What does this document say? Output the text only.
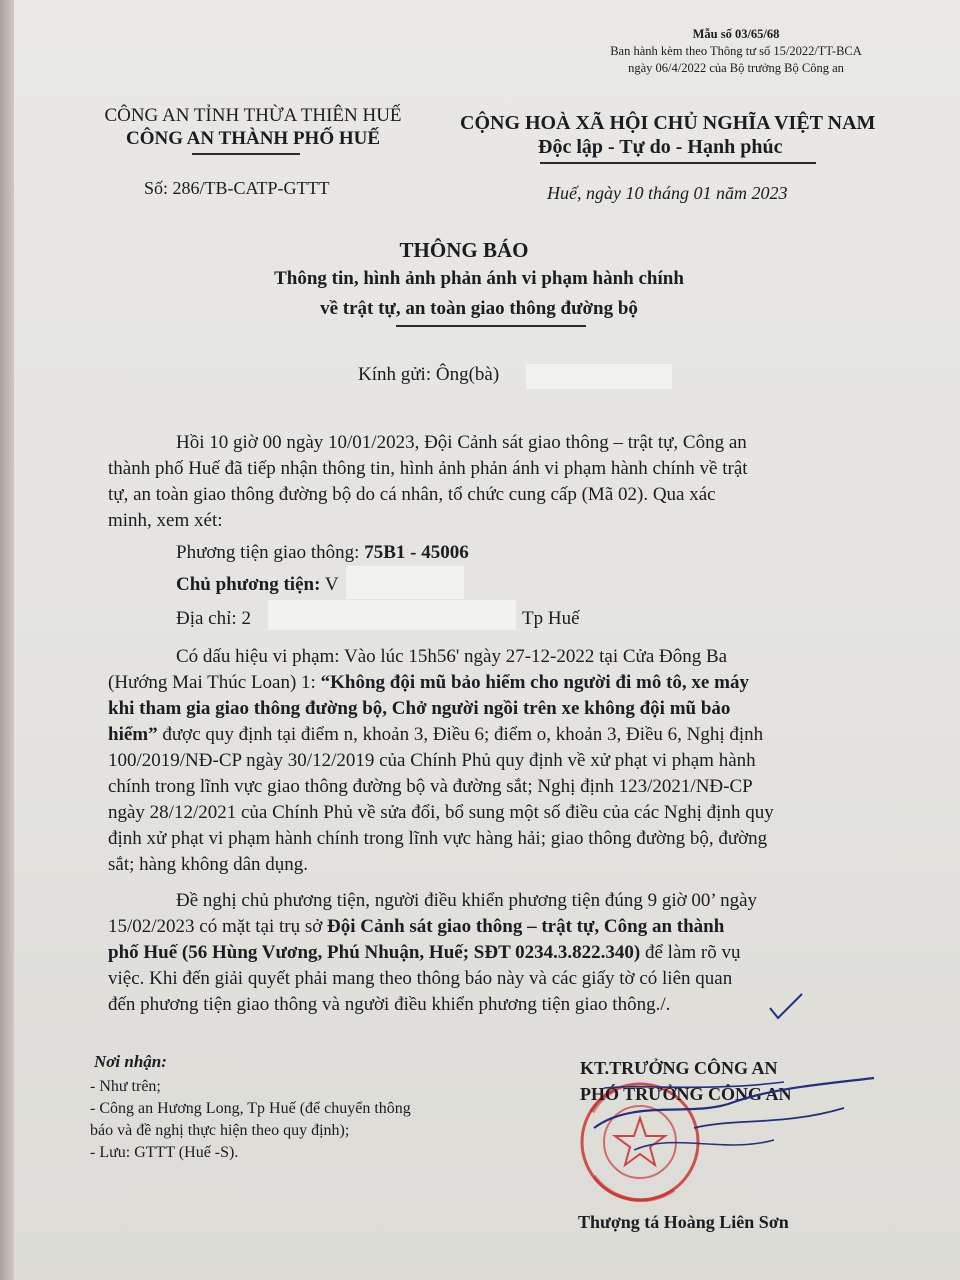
Mẫu số 03/65/68
Ban hành kèm theo Thông tư số 15/2022/TT-BCA
ngày 06/4/2022 của Bộ trưởng Bộ Công an
CÔNG AN TỈNH THỪA THIÊN HUẾ
CÔNG AN THÀNH PHỐ HUẾ
Số: 286/TB-CATP-GTTT
CỘNG HOÀ XÃ HỘI CHỦ NGHĨA VIỆT NAM
Độc lập - Tự do - Hạnh phúc
Huế, ngày 10 tháng 01 năm 2023
THÔNG BÁO
Thông tin, hình ảnh phản ánh vi phạm hành chính
về trật tự, an toàn giao thông đường bộ
Kính gửi: Ông(bà)
Hồi 10 giờ 00 ngày 10/01/2023, Đội Cảnh sát giao thông – trật tự, Công an
thành phố Huế đã tiếp nhận thông tin, hình ảnh phản ánh vi phạm hành chính về trật
tự, an toàn giao thông đường bộ do cá nhân, tổ chức cung cấp (Mã 02). Qua xác
minh, xem xét:
Phương tiện giao thông: 75B1 - 45006
Chủ phương tiện: V
Địa chỉ: 2	Tp Huế
Có dấu hiệu vi phạm: Vào lúc 15h56' ngày 27-12-2022 tại Cửa Đông Ba
(Hướng Mai Thúc Loan) 1: “Không đội mũ bảo hiểm cho người đi mô tô, xe máy
khi tham gia giao thông đường bộ, Chở người ngồi trên xe không đội mũ bảo
hiểm” được quy định tại điểm n, khoản 3, Điều 6; điểm o, khoản 3, Điều 6, Nghị định
100/2019/NĐ-CP ngày 30/12/2019 của Chính Phủ quy định về xử phạt vi phạm hành
chính trong lĩnh vực giao thông đường bộ và đường sắt; Nghị định 123/2021/NĐ-CP
ngày 28/12/2021 của Chính Phủ về sửa đổi, bổ sung một số điều của các Nghị định quy
định xử phạt vi phạm hành chính trong lĩnh vực hàng hải; giao thông đường bộ, đường
sắt; hàng không dân dụng.
Đề nghị chủ phương tiện, người điều khiển phương tiện đúng 9 giờ 00’ ngày
15/02/2023 có mặt tại trụ sở Đội Cảnh sát giao thông – trật tự, Công an thành
phố Huế (56 Hùng Vương, Phú Nhuận, Huế; SĐT 0234.3.822.340) để làm rõ vụ
việc. Khi đến giải quyết phải mang theo thông báo này và các giấy tờ có liên quan
đến phương tiện giao thông và người điều khiển phương tiện giao thông./.
Nơi nhận:
- Như trên;
- Công an Hương Long, Tp Huế (để chuyển thông
báo và đề nghị thực hiện theo quy định);
- Lưu: GTTT (Huế -S).
KT.TRƯỞNG CÔNG AN
PHÓ TRƯỞNG CÔNG AN
Thượng tá Hoàng Liên Sơn
